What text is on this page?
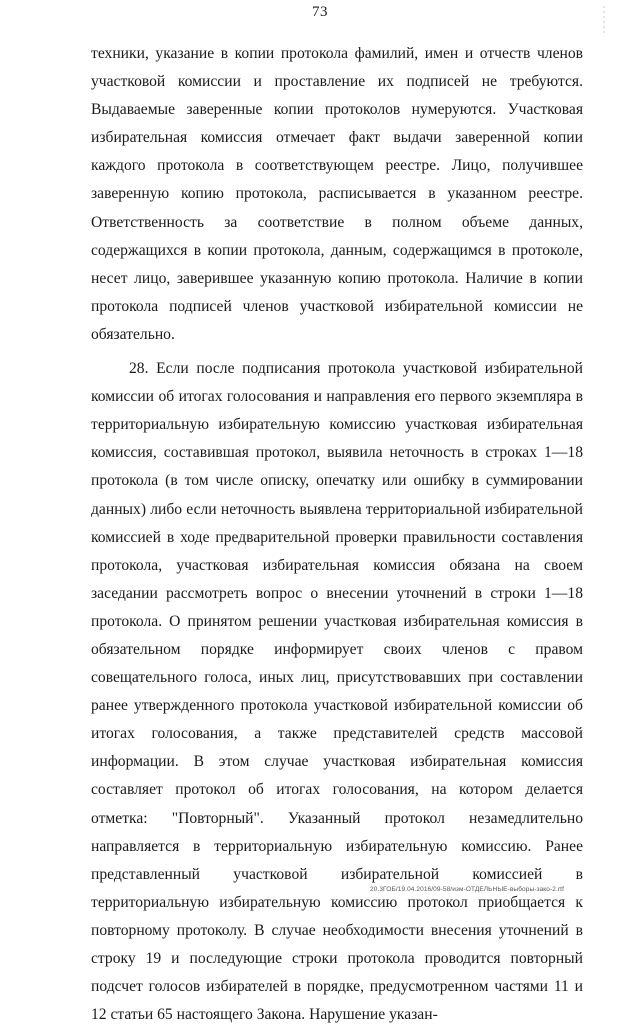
73

техники, указание в копии протокола фамилий, имен и отчеств членов участковой комиссии и проставление их подписей не требуются. Выдаваемые заверенные копии протоколов нумеруются. Участковая избирательная комиссия отмечает факт выдачи заверенной копии каждого протокола в соответствующем реестре. Лицо, получившее заверенную копию протокола, расписывается в указанном реестре. Ответственность за соответствие в полном объеме данных, содержащихся в копии протокола, данным, содержащимся в протоколе, несет лицо, заверившее указанную копию протокола. Наличие в копии протокола подписей членов участковой избирательной комиссии не обязательно.

28. Если после подписания протокола участковой избирательной комиссии об итогах голосования и направления его первого экземпляра в территориальную избирательную комиссию участковая избирательная комиссия, составившая протокол, выявила неточность в строках 1—18 протокола (в том числе описку, опечатку или ошибку в суммировании данных) либо если неточность выявлена территориальной избирательной комиссией в ходе предварительной проверки правильности составления протокола, участковая избирательная комиссия обязана на своем заседании рассмотреть вопрос о внесении уточнений в строки 1—18 протокола. О принятом решении участковая избирательная комиссия в обязательном порядке информирует своих членов с правом совещательного голоса, иных лиц, присутствовавших при составлении ранее утвержденного протокола участковой избирательной комиссии об итогах голосования, а также представителей средств массовой информации. В этом случае участковая избирательная комиссия составляет протокол об итогах голосования, на котором делается отметка: "Повторный". Указанный протокол незамедлительно направляется в территориальную избирательную комиссию. Ранее представленный участковой избирательной комиссией в территориальную избирательную комиссию протокол приобщается к повторному протоколу. В случае необходимости внесения уточнений в строку 19 и последующие строки протокола проводится повторный подсчет голосов избирателей в порядке, предусмотренном частями 11 и 12 статьи 65 настоящего Закона. Нарушение указан-

20.3ГОБ/19.04.2016/09-58/изм-ОТДЕЛЬНЫЕ-выборы-зако-2.rtf
